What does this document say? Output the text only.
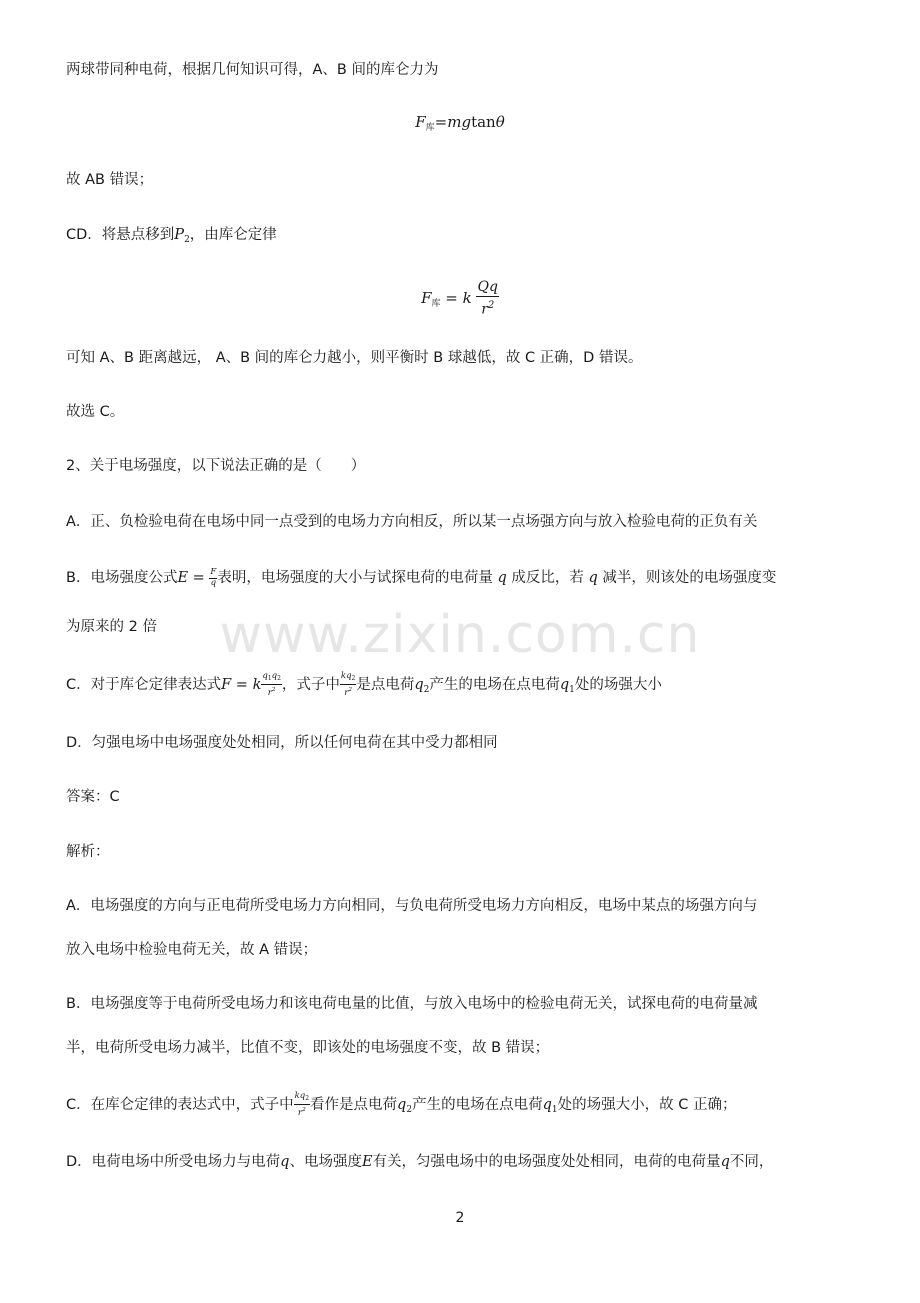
www.zixin.com.cn
两球带同种电荷，根据几何知识可得，A、B 间的库仑力为
$F_库=mgtan\theta$
故 AB 错误；
CD．将悬点移到$P_2$，由库仑定律
$F_库 = k \frac{Qq}{r^2}$
可知 A、B 距离越远， A、B 间的库仑力越小，则平衡时 B 球越低，故 C 正确，D 错误。
故选 C。
2、关于电场强度，以下说法正确的是（　　）
A．正、负检验电荷在电场中同一点受到的电场力方向相反，所以某一点场强方向与放入检验电荷的正负有关
B．电场强度公式$E = \frac{F}{q}$ 表明，电场强度的大小与试探电荷的电荷量 q 成反比，若 q 减半，则该处的电场强度变
为原来的 2 倍
C．对于库仑定律表达式F = k $\frac{q_1q_2}{r^2}$ ，式子中 $\frac{kq_2}{r^2}$ 是点电荷$q_2$产生的电场在点电荷$q_1$处的场强大小
D．匀强电场中电场强度处处相同，所以任何电荷在其中受力都相同
答案：C
解析：
A．电场强度的方向与正电荷所受电场力方向相同，与负电荷所受电场力方向相反，电场中某点的场强方向与
放入电场中检验电荷无关，故 A 错误；
B．电场强度等于电荷所受电场力和该电荷电量的比值，与放入电场中的检验电荷无关，试探电荷的电荷量减
半，电荷所受电场力减半，比值不变，即该处的电场强度不变，故 B 错误；
C．在库仑定律的表达式中，式子中 $\frac{kq_2}{r^2}$ 看作是点电荷$q_2$产生的电场在点电荷$q_1$处的场强大小，故 C 正确；
D．电荷电场中所受电场力与电荷q、电场强度E有关，匀强电场中的电场强度处处相同，电荷的电荷量q不同，
2
